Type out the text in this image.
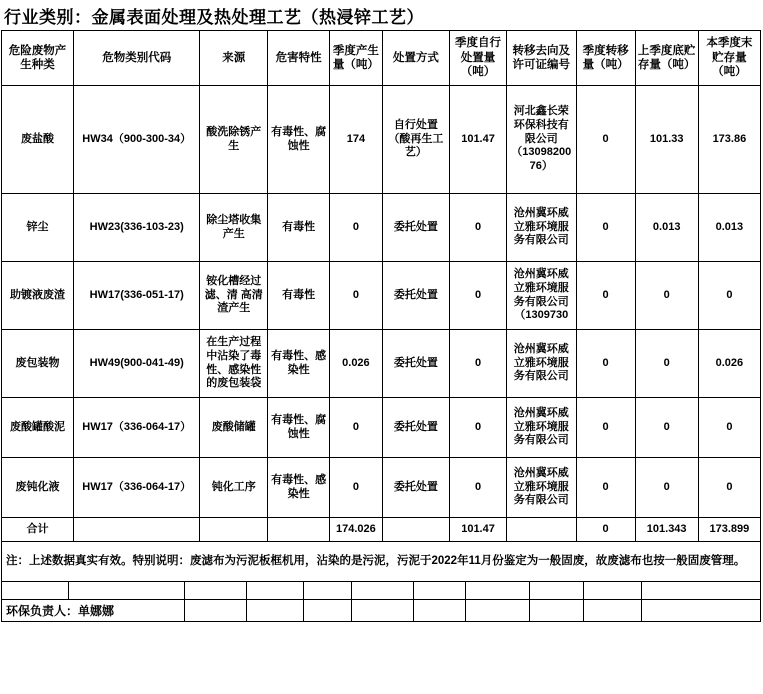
行业类别：金属表面处理及热处理工艺（热浸锌工艺）
危险废物产生种类	危物类别代码	来源	危害特性	季度产生量（吨）	处置方式	季度自行处置量（吨）	转移去向及许可证编号	季度转移量（吨）	上季度底贮存量（吨）	本季度末贮存量（吨）
废盐酸	HW34（900-300-34）	酸洗除锈产生	有毒性、腐蚀性	174	自行处置（酸再生工艺）	101.47	河北鑫长荣环保科技有限公司（1309820076）	0	101.33	173.86
锌尘	HW23(336-103-23)	除尘塔收集产生	有毒性	0	委托处置	0	沧州冀环威立雅环境服务有限公司	0	0.013	0.013
助镀液废渣	HW17(336-051-17)	铵化槽经过滤、清 高清渣产生	有毒性	0	委托处置	0	沧州冀环威立雅环境服务有限公司（1309730	0	0	0
废包装物	HW49(900-041-49)	在生产过程中沾染了毒性、感染性的废包装袋	有毒性、感染性	0.026	委托处置	0	沧州冀环威立雅环境服务有限公司	0	0	0.026
废酸罐酸泥	HW17（336-064-17）	废酸储罐	有毒性、腐蚀性	0	委托处置	0	沧州冀环威立雅环境服务有限公司	0	0	0
废钝化液	HW17（336-064-17）	钝化工序	有毒性、感染性	0	委托处置	0	沧州冀环威立雅环境服务有限公司	0	0	0
合计				174.026		101.47		0	101.343	173.899
注：上述数据真实有效。特别说明：废滤布为污泥板框机用，沾染的是污泥，污泥于2022年11月份鉴定为一般固废，故废滤布也按一般固废管理。
环保负责人：单娜娜
